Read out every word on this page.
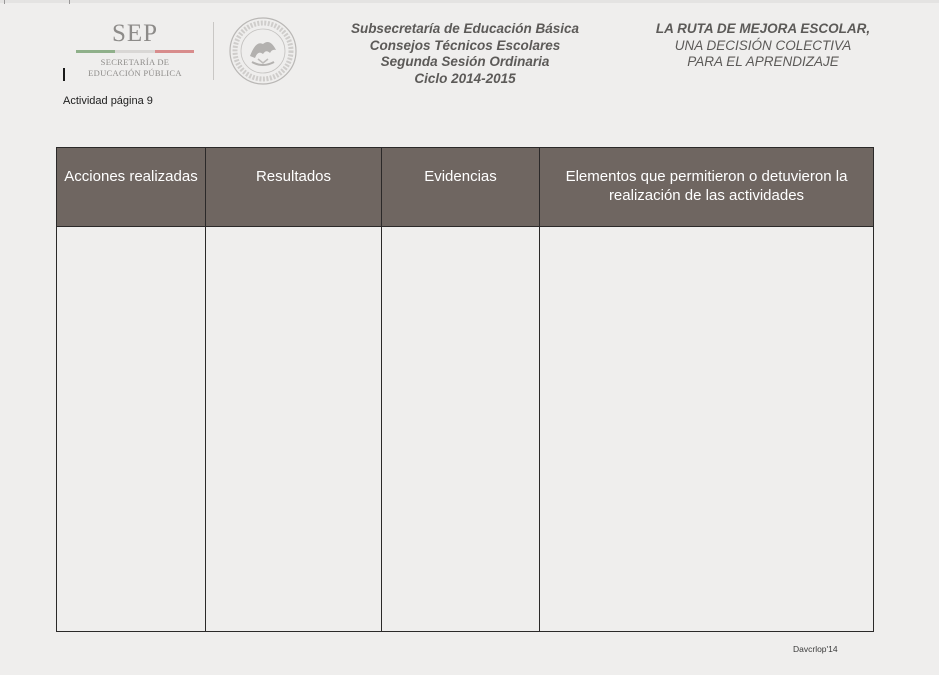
SEP
SECRETARÍA DE
EDUCACIÓN PÚBLICA
Actividad página 9
Subsecretaría de Educación Básica
Consejos Técnicos Escolares
Segunda Sesión Ordinaria
Ciclo 2014-2015
LA RUTA DE MEJORA ESCOLAR,
UNA DECISIÓN COLECTIVA
PARA EL APRENDIZAJE
Acciones realizadas	Resultados	Evidencias	Elementos que permitieron o detuvieron la realización de las actividades
Davcrlop'14
